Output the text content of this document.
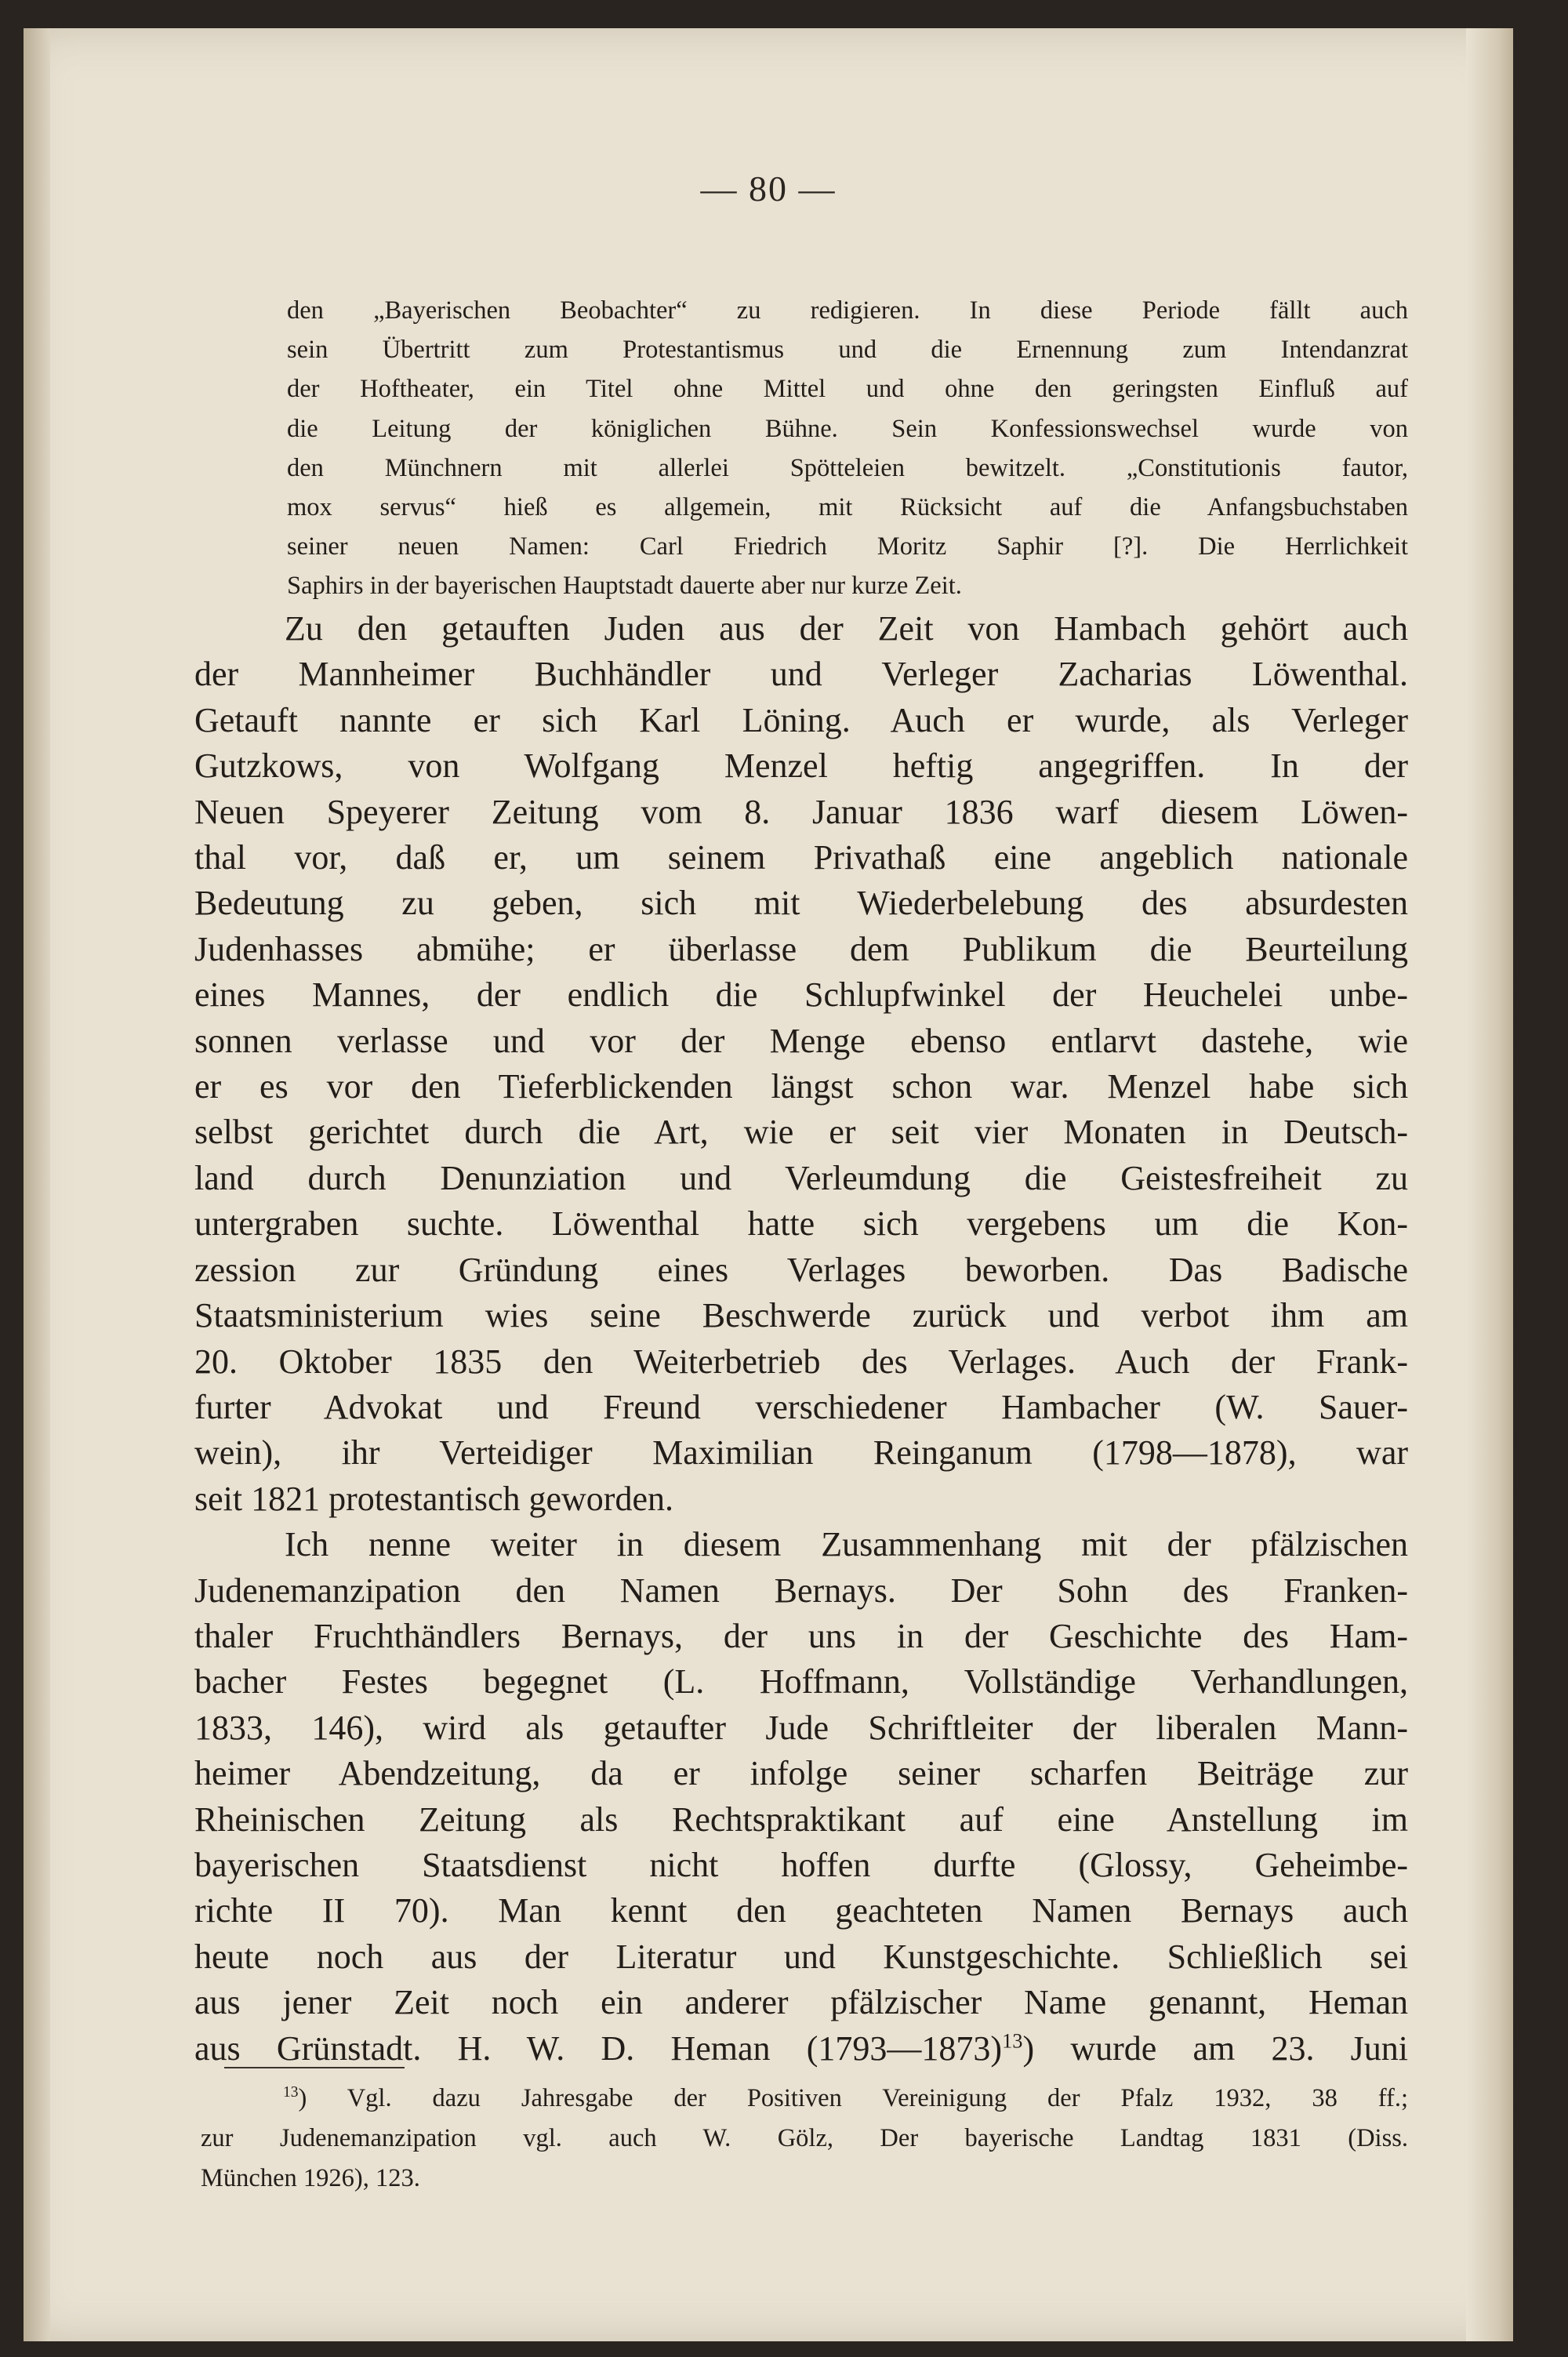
— 80 —
den „Bayerischen Beobachter“ zu redigieren. In diese Periode fällt auch
sein Übertritt zum Protestantismus und die Ernennung zum Intendanzrat
der Hoftheater, ein Titel ohne Mittel und ohne den geringsten Einfluß auf
die Leitung der königlichen Bühne. Sein Konfessionswechsel wurde von
den Münchnern mit allerlei Spötteleien bewitzelt. „Constitutionis fautor,
mox servus“ hieß es allgemein, mit Rücksicht auf die Anfangsbuchstaben
seiner neuen Namen: Carl Friedrich Moritz Saphir [?]. Die Herrlichkeit
Saphirs in der bayerischen Hauptstadt dauerte aber nur kurze Zeit.
Zu den getauften Juden aus der Zeit von Hambach gehört auch
der Mannheimer Buchhändler und Verleger Zacharias Löwenthal.
Getauft nannte er sich Karl Löning. Auch er wurde, als Verleger
Gutzkows, von Wolfgang Menzel heftig angegriffen. In der
Neuen Speyerer Zeitung vom 8. Januar 1836 warf diesem Löwen-
thal vor, daß er, um seinem Privathaß eine angeblich nationale
Bedeutung zu geben, sich mit Wiederbelebung des absurdesten
Judenhasses abmühe; er überlasse dem Publikum die Beurteilung
eines Mannes, der endlich die Schlupfwinkel der Heuchelei unbe-
sonnen verlasse und vor der Menge ebenso entlarvt dastehe, wie
er es vor den Tieferblickenden längst schon war. Menzel habe sich
selbst gerichtet durch die Art, wie er seit vier Monaten in Deutsch-
land durch Denunziation und Verleumdung die Geistesfreiheit zu
untergraben suchte. Löwenthal hatte sich vergebens um die Kon-
zession zur Gründung eines Verlages beworben. Das Badische
Staatsministerium wies seine Beschwerde zurück und verbot ihm am
20. Oktober 1835 den Weiterbetrieb des Verlages. Auch der Frank-
furter Advokat und Freund verschiedener Hambacher (W. Sauer-
wein), ihr Verteidiger Maximilian Reinganum (1798—1878), war
seit 1821 protestantisch geworden.
Ich nenne weiter in diesem Zusammenhang mit der pfälzischen
Judenemanzipation den Namen Bernays. Der Sohn des Franken-
thaler Fruchthändlers Bernays, der uns in der Geschichte des Ham-
bacher Festes begegnet (L. Hoffmann, Vollständige Verhandlungen,
1833, 146), wird als getaufter Jude Schriftleiter der liberalen Mann-
heimer Abendzeitung, da er infolge seiner scharfen Beiträge zur
Rheinischen Zeitung als Rechtspraktikant auf eine Anstellung im
bayerischen Staatsdienst nicht hoffen durfte (Glossy, Geheimbe-
richte II 70). Man kennt den geachteten Namen Bernays auch
heute noch aus der Literatur und Kunstgeschichte. Schließlich sei
aus jener Zeit noch ein anderer pfälzischer Name genannt, Heman
aus Grünstadt. H. W. D. Heman (1793—1873)$^{13}$) wurde am 23. Juni
$^{13}$) Vgl. dazu Jahresgabe der Positiven Vereinigung der Pfalz 1932, 38 ff.;
zur Judenemanzipation vgl. auch W. Gölz, Der bayerische Landtag 1831 (Diss.
München 1926), 123.
